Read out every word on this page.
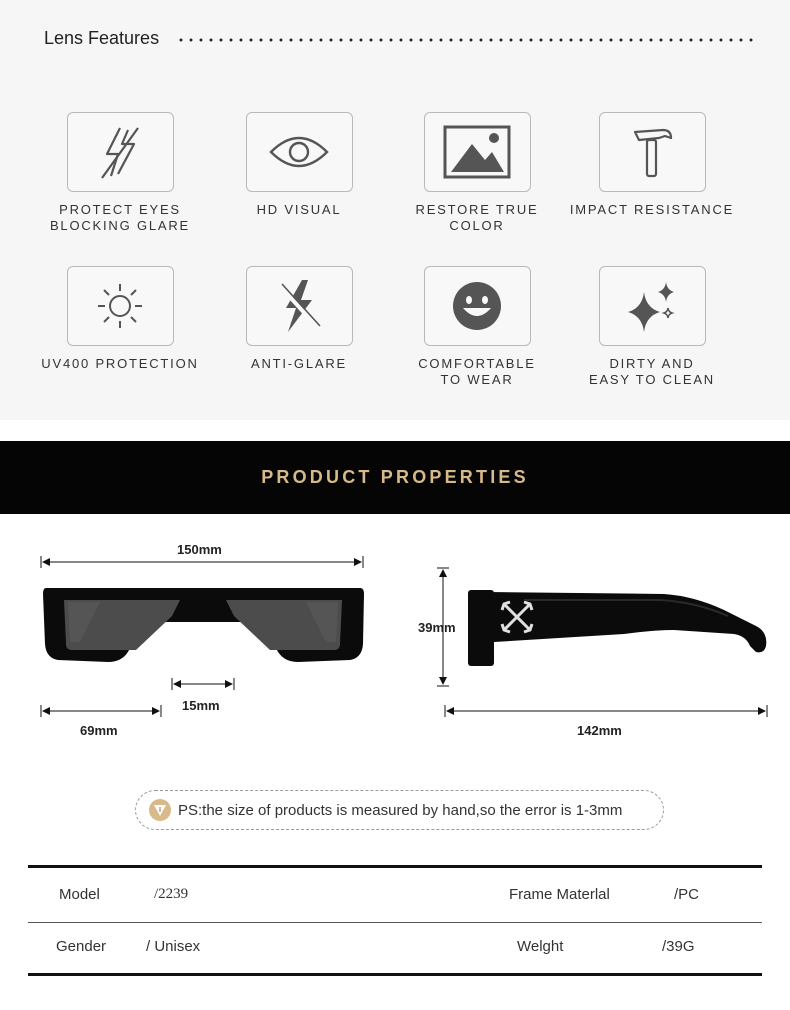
Lens Features
PROTECT EYES
BLOCKING GLARE
HD VISUAL	RESTORE TRUE COLOR
IMPACT RESISTANCE
UV400 PROTECTION	ANTI-GLARE	COMFORTABLE
TO WEAR
DIRTY AND
EASY TO CLEAN
PRODUCT PROPERTIES
150mm
15mm
69mm
39mm
142mm
PS:the size of products is measured by hand,so the error is 1-3mm
Model	/2239	Frame Materlal	/PC
Gender	/ Unisex	Welght	/39G
